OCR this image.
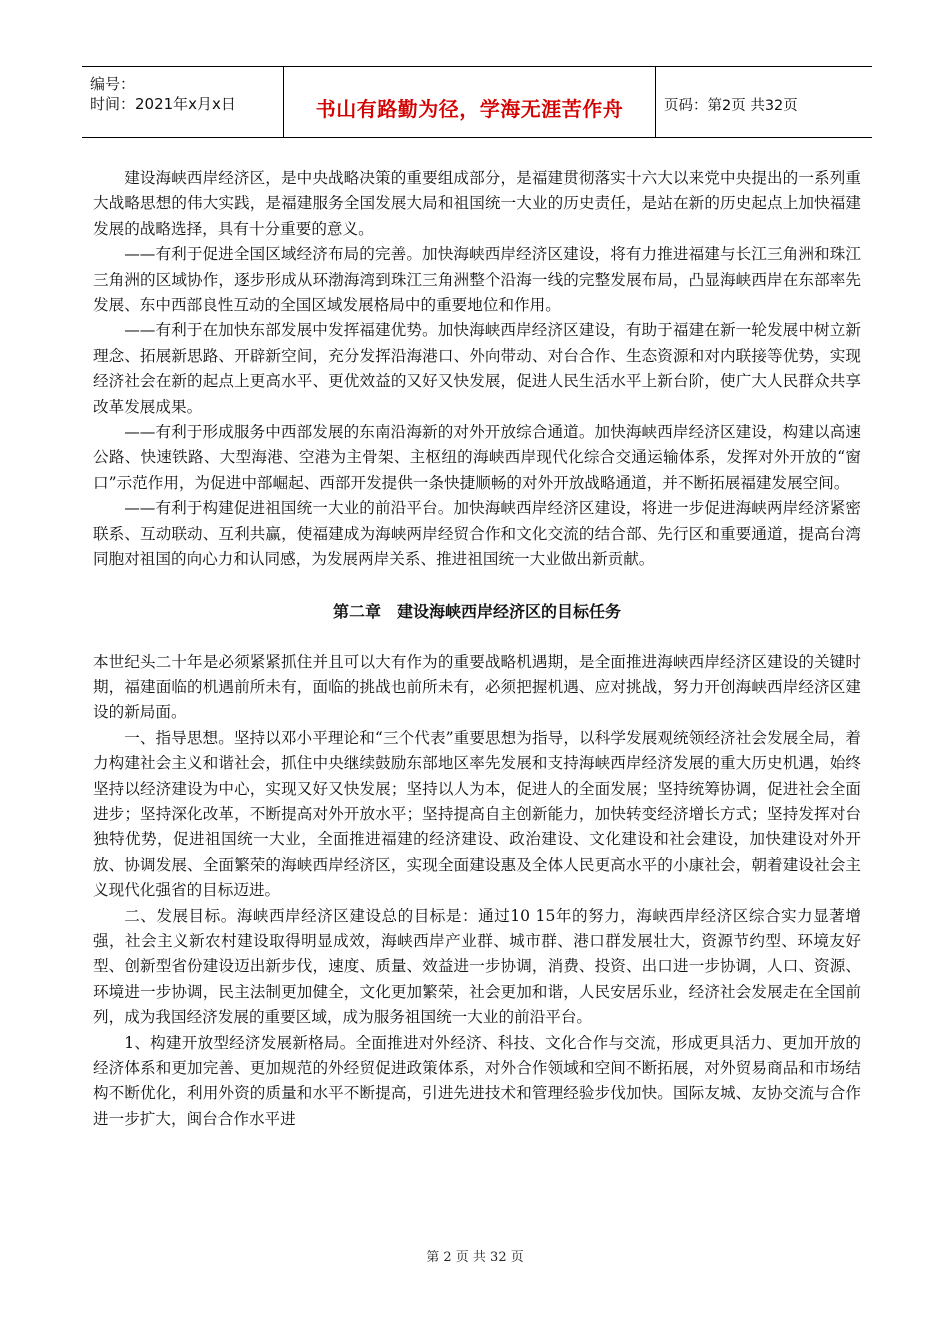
编号：
时间：2021年x月x日	书山有路勤为径，学海无涯苦作舟	页码：第2页 共32页

建设海峡西岸经济区，是中央战略决策的重要组成部分，是福建贯彻落实十六大以来党中央提出的一系列重大战略思想的伟大实践，是福建服务全国发展大局和祖国统一大业的历史责任，是站在新的历史起点上加快福建发展的战略选择，具有十分重要的意义。

——有利于促进全国区域经济布局的完善。加快海峡西岸经济区建设，将有力推进福建与长江三角洲和珠江三角洲的区域协作，逐步形成从环渤海湾到珠江三角洲整个沿海一线的完整发展布局，凸显海峡西岸在东部率先发展、东中西部良性互动的全国区域发展格局中的重要地位和作用。

——有利于在加快东部发展中发挥福建优势。加快海峡西岸经济区建设，有助于福建在新一轮发展中树立新理念、拓展新思路、开辟新空间，充分发挥沿海港口、外向带动、对台合作、生态资源和对内联接等优势，实现经济社会在新的起点上更高水平、更优效益的又好又快发展，促进人民生活水平上新台阶，使广大人民群众共享改革发展成果。

——有利于形成服务中西部发展的东南沿海新的对外开放综合通道。加快海峡西岸经济区建设，构建以高速公路、快速铁路、大型海港、空港为主骨架、主枢纽的海峡西岸现代化综合交通运输体系，发挥对外开放的“窗口”示范作用，为促进中部崛起、西部开发提供一条快捷顺畅的对外开放战略通道，并不断拓展福建发展空间。

——有利于构建促进祖国统一大业的前沿平台。加快海峡西岸经济区建设，将进一步促进海峡两岸经济紧密联系、互动联动、互利共赢，使福建成为海峡两岸经贸合作和文化交流的结合部、先行区和重要通道，提高台湾同胞对祖国的向心力和认同感，为发展两岸关系、推进祖国统一大业做出新贡献。

第二章　建设海峡西岸经济区的目标任务

本世纪头二十年是必须紧紧抓住并且可以大有作为的重要战略机遇期，是全面推进海峡西岸经济区建设的关键时期，福建面临的机遇前所未有，面临的挑战也前所未有，必须把握机遇、应对挑战，努力开创海峡西岸经济区建设的新局面。

一、指导思想。坚持以邓小平理论和“三个代表”重要思想为指导，以科学发展观统领经济社会发展全局，着力构建社会主义和谐社会，抓住中央继续鼓励东部地区率先发展和支持海峡西岸经济发展的重大历史机遇，始终坚持以经济建设为中心，实现又好又快发展；坚持以人为本，促进人的全面发展；坚持统筹协调，促进社会全面进步；坚持深化改革，不断提高对外开放水平；坚持提高自主创新能力，加快转变经济增长方式；坚持发挥对台独特优势，促进祖国统一大业，全面推进福建的经济建设、政治建设、文化建设和社会建设，加快建设对外开放、协调发展、全面繁荣的海峡西岸经济区，实现全面建设惠及全体人民更高水平的小康社会，朝着建设社会主义现代化强省的目标迈进。

二、发展目标。海峡西岸经济区建设总的目标是：通过10 15年的努力，海峡西岸经济区综合实力显著增强，社会主义新农村建设取得明显成效，海峡西岸产业群、城市群、港口群发展壮大，资源节约型、环境友好型、创新型省份建设迈出新步伐，速度、质量、效益进一步协调，消费、投资、出口进一步协调，人口、资源、环境进一步协调，民主法制更加健全，文化更加繁荣，社会更加和谐，人民安居乐业，经济社会发展走在全国前列，成为我国经济发展的重要区域，成为服务祖国统一大业的前沿平台。

1、构建开放型经济发展新格局。全面推进对外经济、科技、文化合作与交流，形成更具活力、更加开放的经济体系和更加完善、更加规范的外经贸促进政策体系，对外合作领域和空间不断拓展，对外贸易商品和市场结构不断优化，利用外资的质量和水平不断提高，引进先进技术和管理经验步伐加快。国际友城、友协交流与合作进一步扩大，闽台合作水平进

第 2 页 共 32 页
